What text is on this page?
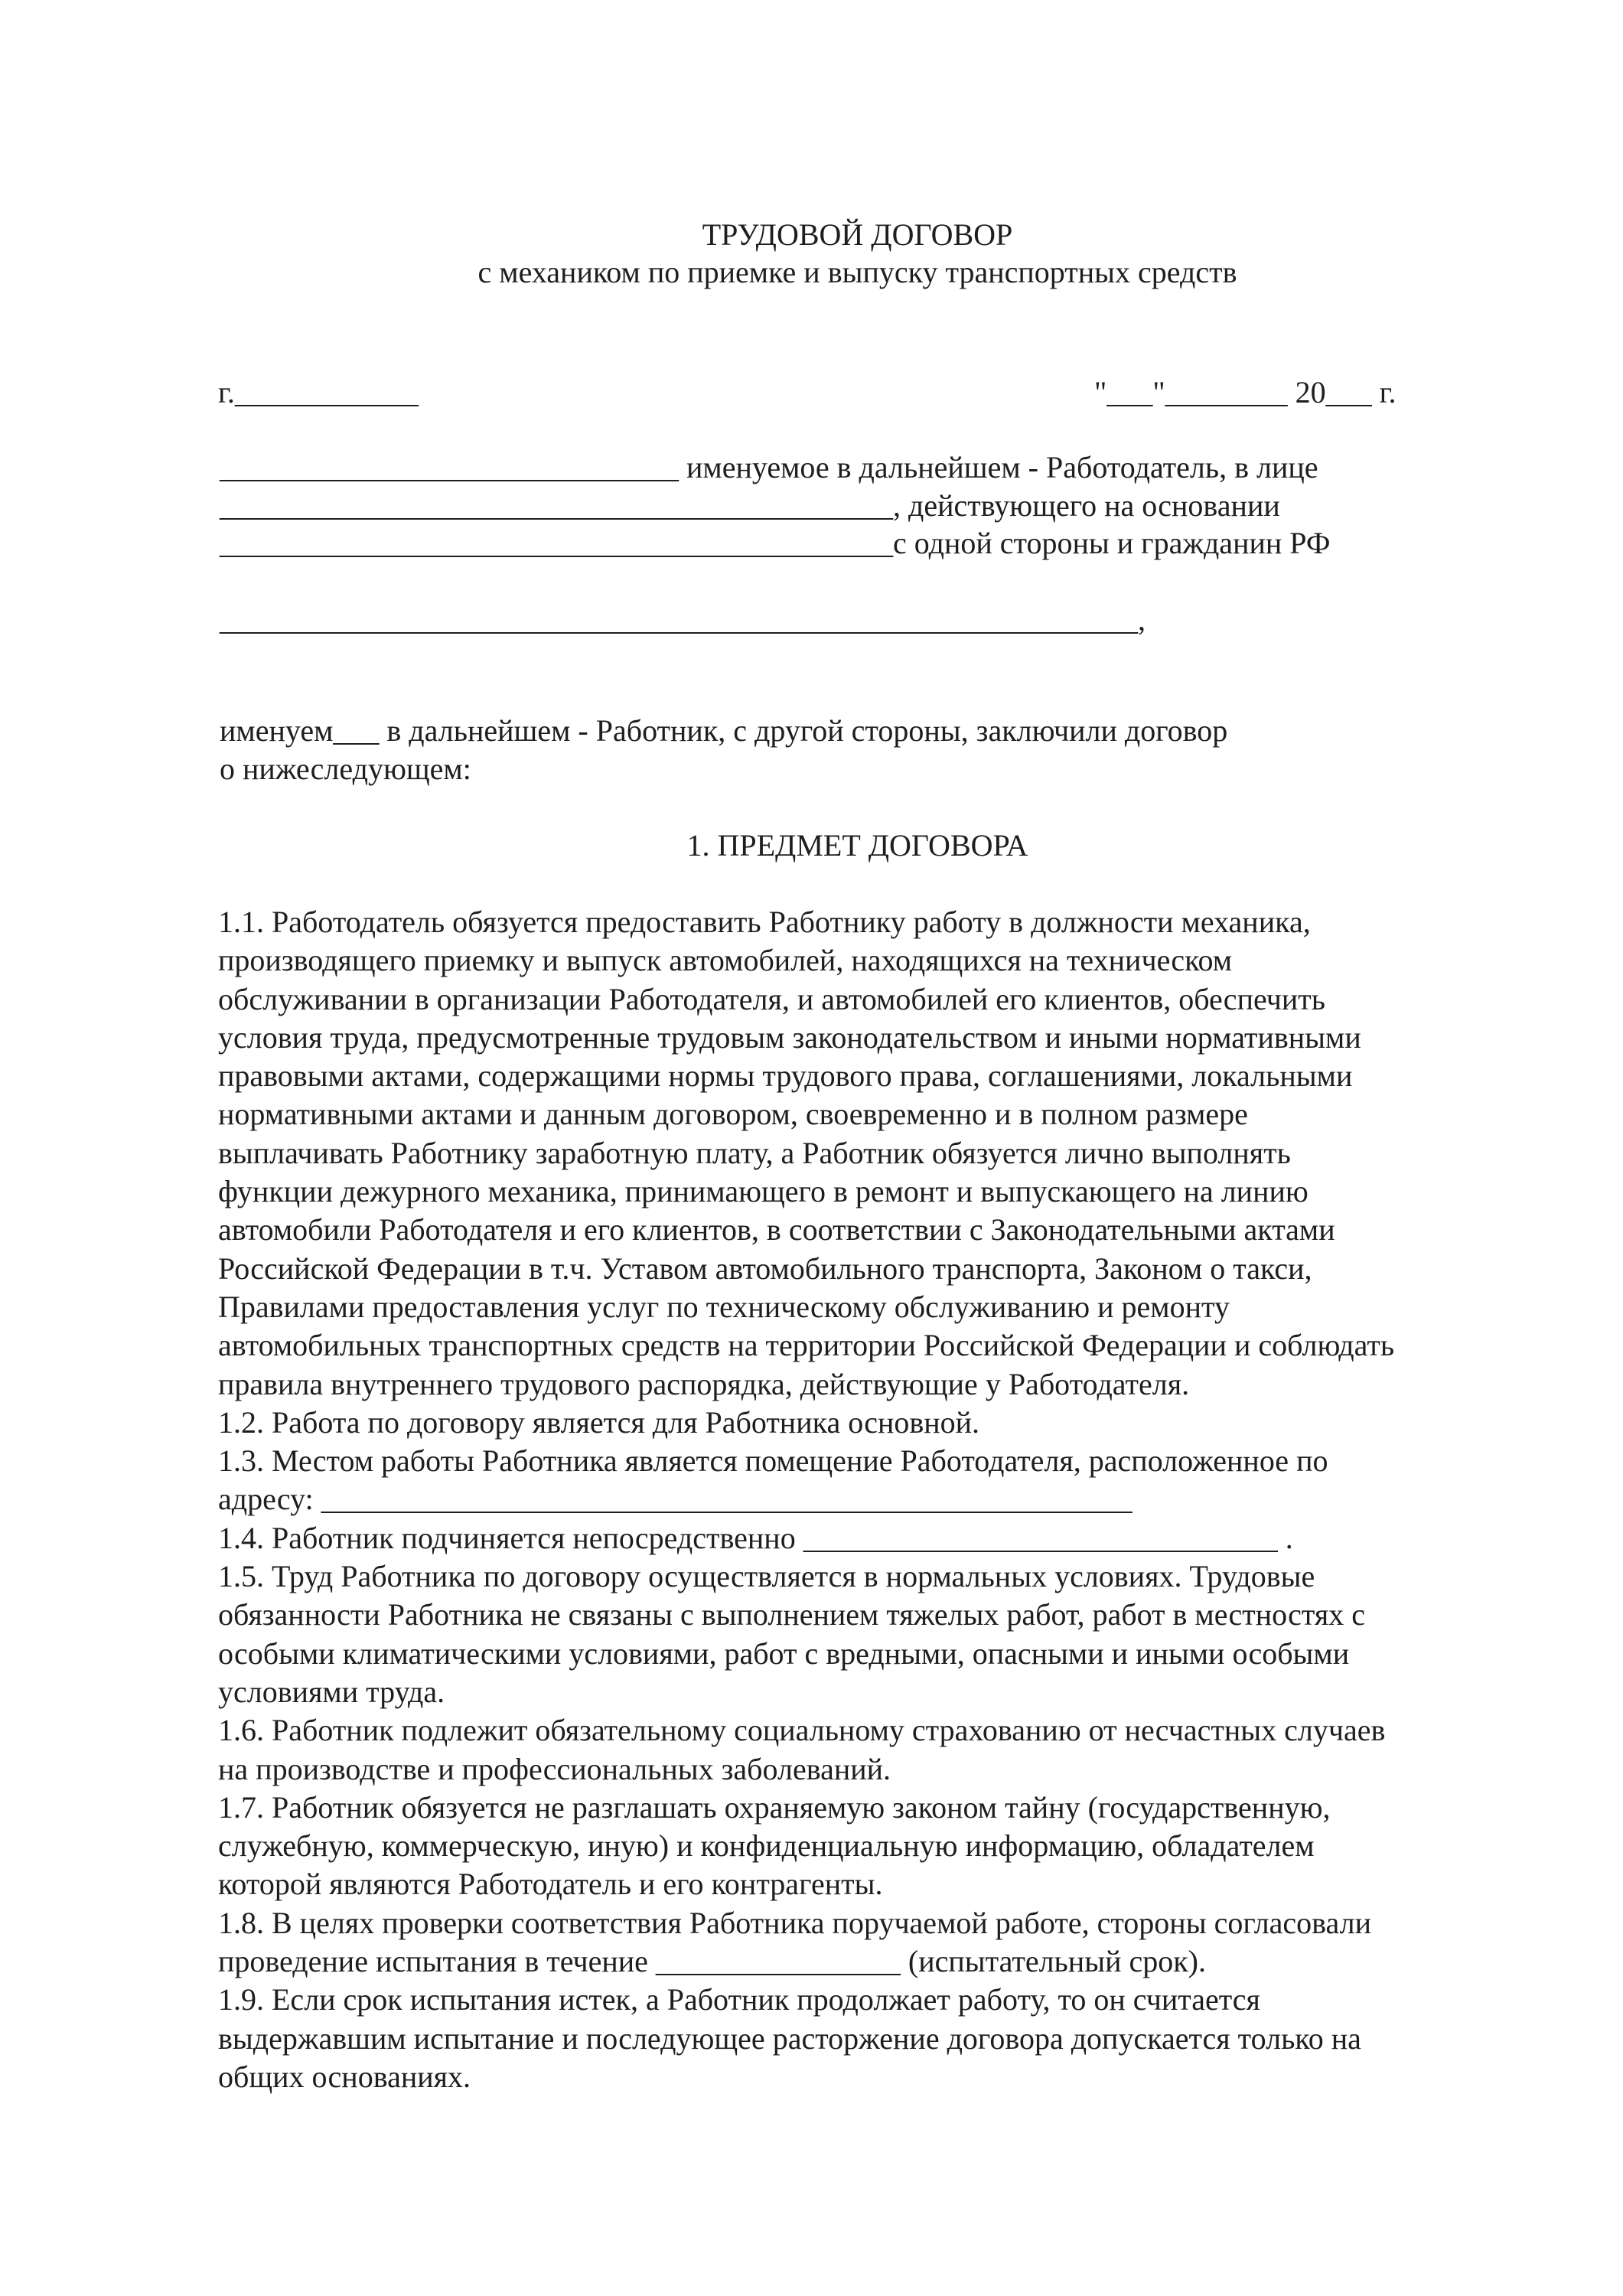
ТРУДОВОЙ ДОГОВОР
с механиком по приемке и выпуску транспортных средств
г.____________	"___"________ 20___ г.
______________________________ именуемое в дальнейшем - Работодатель, в лице
____________________________________________, действующего на основании
____________________________________________с одной стороны и гражданин РФ
____________________________________________________________,
именуем___ в дальнейшем - Работник, с другой стороны, заключили договор
о нижеследующем:
1. ПРЕДМЕТ ДОГОВОРА
1.1. Работодатель обязуется предоставить Работнику работу в должности механика,
производящего приемку и выпуск автомобилей, находящихся на техническом
обслуживании в организации Работодателя, и автомобилей его клиентов, обеспечить
условия труда, предусмотренные трудовым законодательством и иными нормативными
правовыми актами, содержащими нормы трудового права, соглашениями, локальными
нормативными актами и данным договором, своевременно и в полном размере
выплачивать Работнику заработную плату, а Работник обязуется лично выполнять
функции дежурного механика, принимающего в ремонт и выпускающего на линию
автомобили Работодателя и его клиентов, в соответствии с Законодательными актами
Российской Федерации в т.ч. Уставом автомобильного транспорта, Законом о такси,
Правилами предоставления услуг по техническому обслуживанию и ремонту
автомобильных транспортных средств на территории Российской Федерации и соблюдать
правила внутреннего трудового распорядка, действующие у Работодателя.
1.2. Работа по договору является для Работника основной.
1.3. Местом работы Работника является помещение Работодателя, расположенное по
адресу: _____________________________________________________
1.4. Работник подчиняется непосредственно _______________________________ .
1.5. Труд Работника по договору осуществляется в нормальных условиях. Трудовые
обязанности Работника не связаны с выполнением тяжелых работ, работ в местностях с
особыми климатическими условиями, работ с вредными, опасными и иными особыми
условиями труда.
1.6. Работник подлежит обязательному социальному страхованию от несчастных случаев
на производстве и профессиональных заболеваний.
1.7. Работник обязуется не разглашать охраняемую законом тайну (государственную,
служебную, коммерческую, иную) и конфиденциальную информацию, обладателем
которой являются Работодатель и его контрагенты.
1.8. В целях проверки соответствия Работника поручаемой работе, стороны согласовали
проведение испытания в течение ________________ (испытательный срок).
1.9. Если срок испытания истек, а Работник продолжает работу, то он считается
выдержавшим испытание и последующее расторжение договора допускается только на
общих основаниях.
